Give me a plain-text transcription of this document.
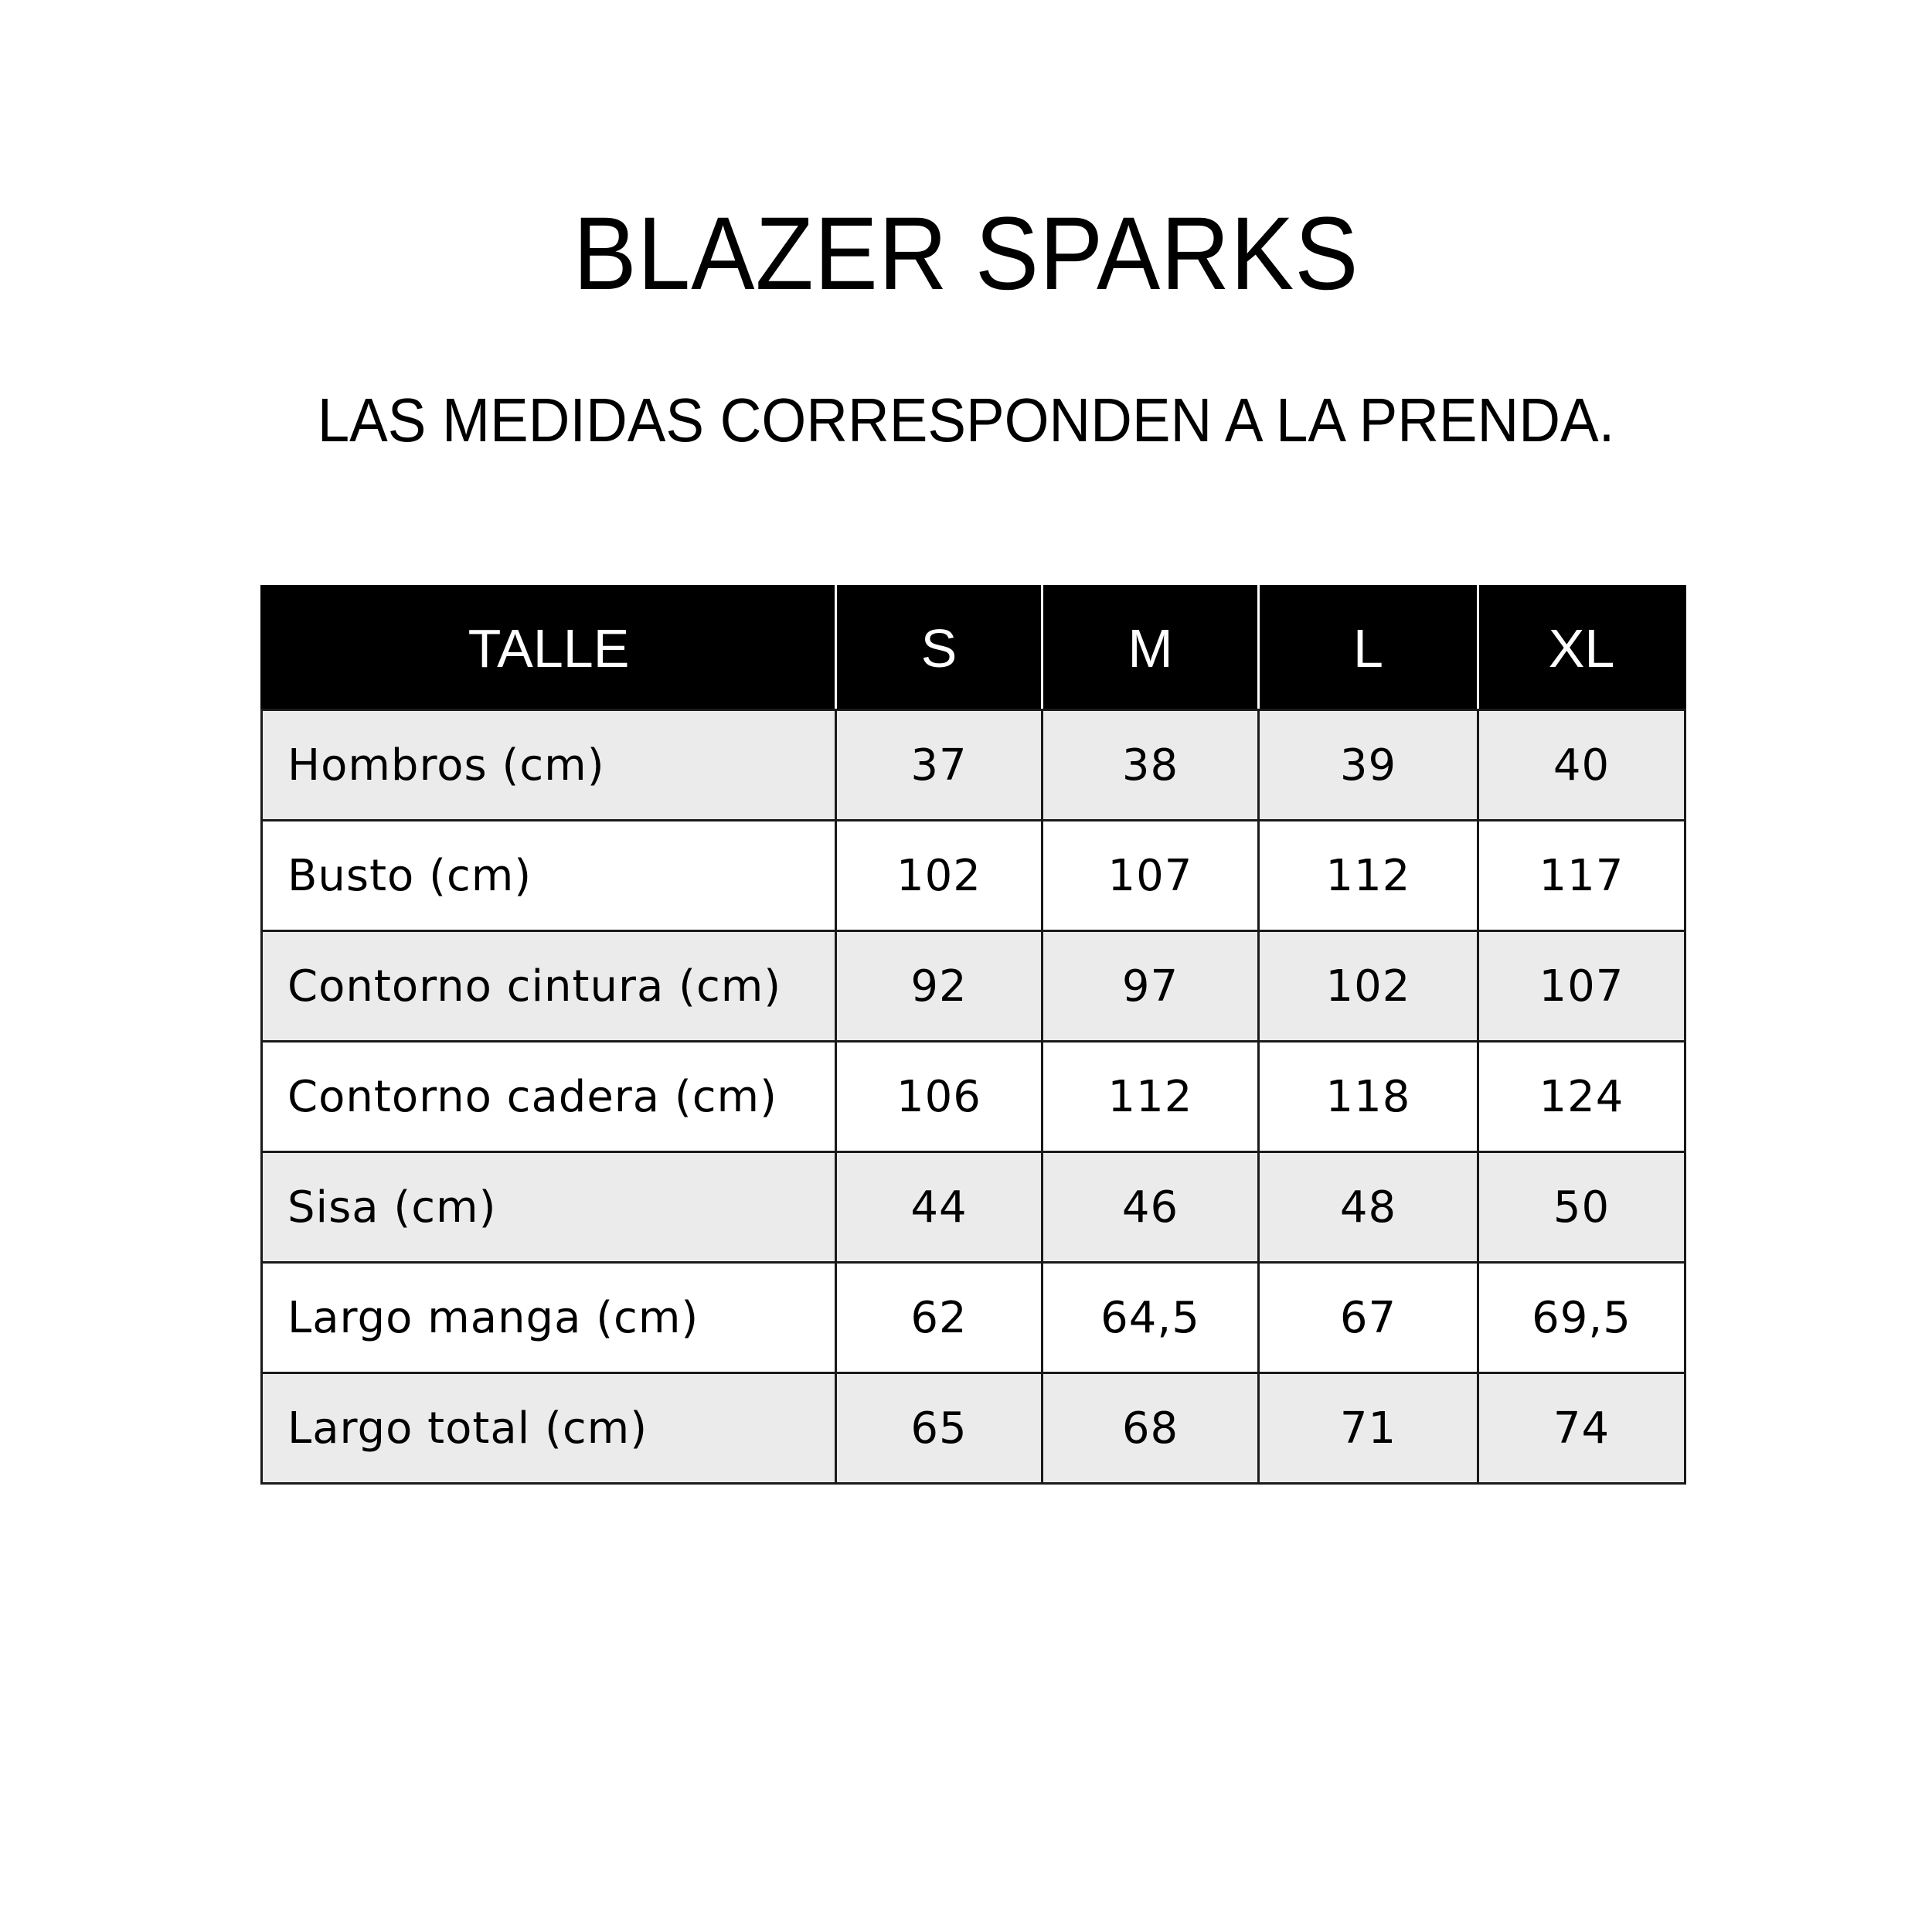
BLAZER SPARKS
LAS MEDIDAS CORRESPONDEN A LA PRENDA.
TALLE	S	M	L	XL
Hombros (cm)	37	38	39	40
Busto (cm)	102	107	112	117
Contorno cintura (cm)	92	97	102	107
Contorno cadera (cm)	106	112	118	124
Sisa (cm)	44	46	48	50
Largo manga (cm)	62	64,5	67	69,5
Largo total (cm)	65	68	71	74
